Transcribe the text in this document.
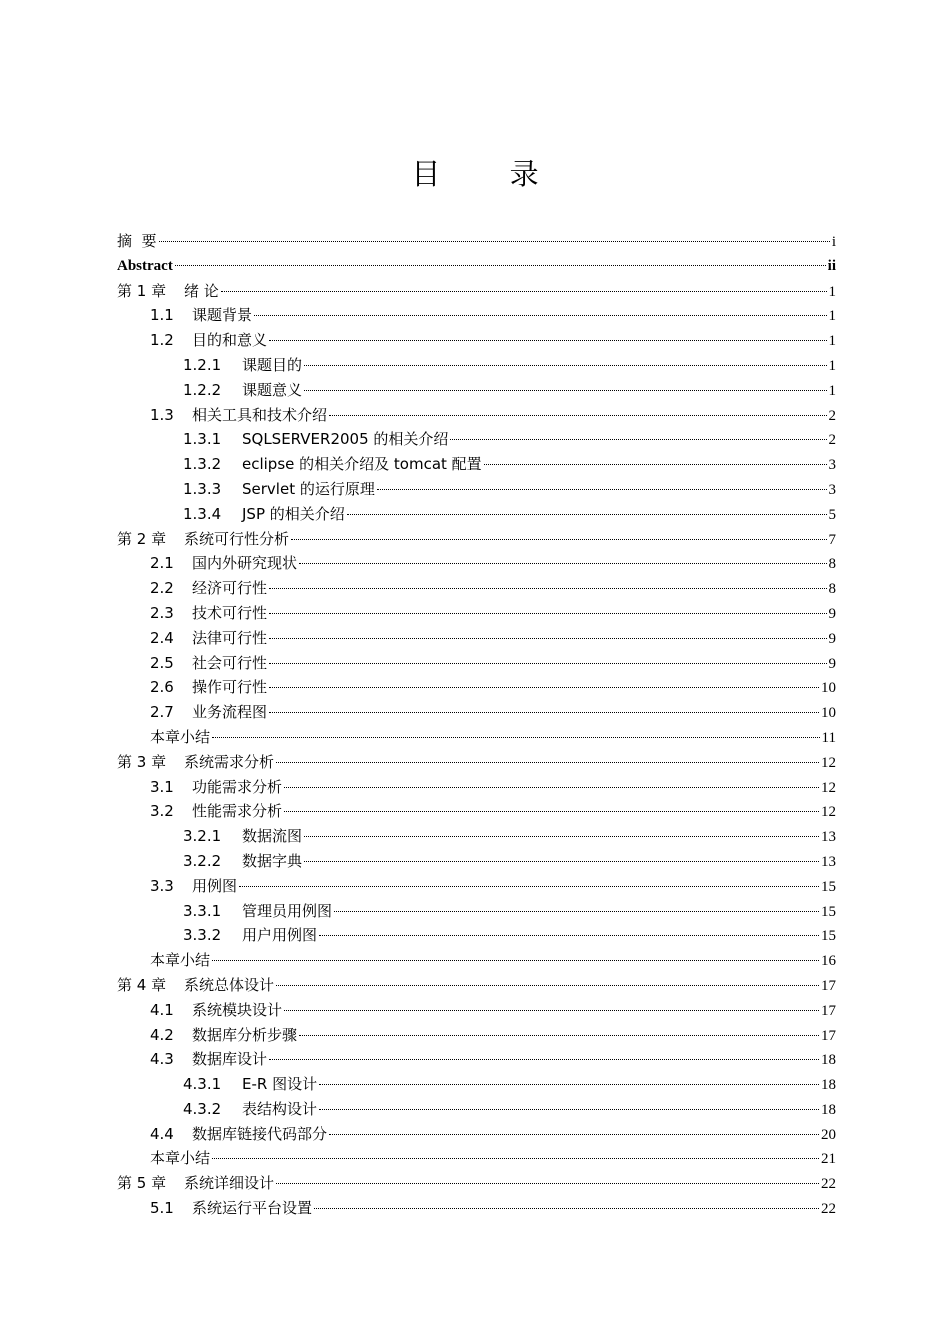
目 录
摘  要	i
Abstract	ii
第 1 章	绪 论	1
1.1	课题背景	1
1.2	目的和意义	1
1.2.1	课题目的	1
1.2.2	课题意义	1
1.3	相关工具和技术介绍	2
1.3.1	SQLSERVER2005 的相关介绍	2
1.3.2	eclipse 的相关介绍及 tomcat 配置	3
1.3.3	Servlet 的运行原理	3
1.3.4	JSP 的相关介绍	5
第 2 章	系统可行性分析	7
2.1	国内外研究现状	8
2.2	经济可行性	8
2.3	技术可行性	9
2.4	法律可行性	9
2.5	社会可行性	9
2.6	操作可行性	10
2.7	业务流程图	10
本章小结	11
第 3 章	系统需求分析	12
3.1	功能需求分析	12
3.2	性能需求分析	12
3.2.1	数据流图	13
3.2.2	数据字典	13
3.3	用例图	15
3.3.1	管理员用例图	15
3.3.2	用户用例图	15
本章小结	16
第 4 章	系统总体设计	17
4.1	系统模块设计	17
4.2	数据库分析步骤	17
4.3	数据库设计	18
4.3.1	E-R 图设计	18
4.3.2	表结构设计	18
4.4	数据库链接代码部分	20
本章小结	21
第 5 章	系统详细设计	22
5.1	系统运行平台设置	22
